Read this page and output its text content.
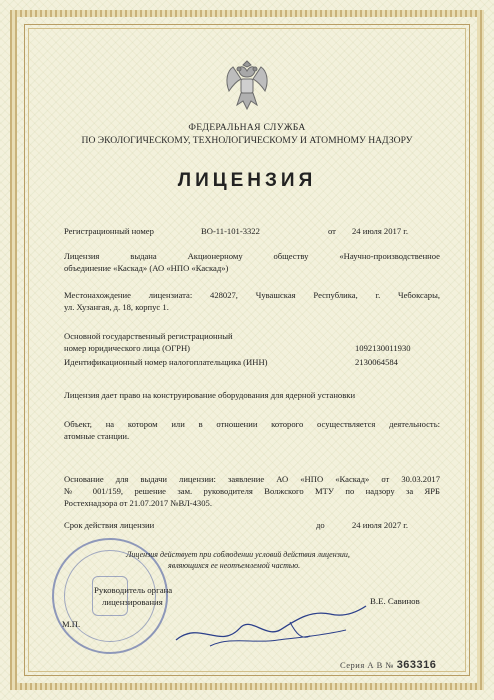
ФЕДЕРАЛЬНАЯ СЛУЖБА
ПО ЭКОЛОГИЧЕСКОМУ, ТЕХНОЛОГИЧЕСКОМУ И АТОМНОМУ НАДЗОРУ
ЛИЦЕНЗИЯ
Регистрационный номер	ВО-11-101-3322	от 24 июля 2017 г.
Лицензия выдана Акционерному обществу «Научно-производственное
объединение «Каскад» (АО «НПО «Каскад»)
Местонахождение лицензиата: 428027, Чувашская Республика, г. Чебоксары,
ул. Хузангая, д. 18, корпус 1.
Основной государственный регистрационный
номер юридического лица (ОГРН)	1092130011930
Идентификационный номер налогоплательщика (ИНН)	2130064584
Лицензия дает право на конструирование оборудования для ядерной установки
Объект, на котором или в отношении которого осуществляется деятельность:
атомные станции.
Основание для выдачи лицензии: заявление АО «НПО «Каскад» от 30.03.2017
№ 001/159, решение зам. руководителя Волжского МТУ по надзору за ЯРБ
Ростехнадзора от 21.07.2017 №ВЛ-4305.
Срок действия лицензии	до	24 июля 2027 г.
Лицензия действует при соблюдении условий действия лицензии,
являющихся ее неотъемлемой частью.
Руководитель органа
лицензирования	В.Е. Савинов
М.П.
Серия А В № 363316
